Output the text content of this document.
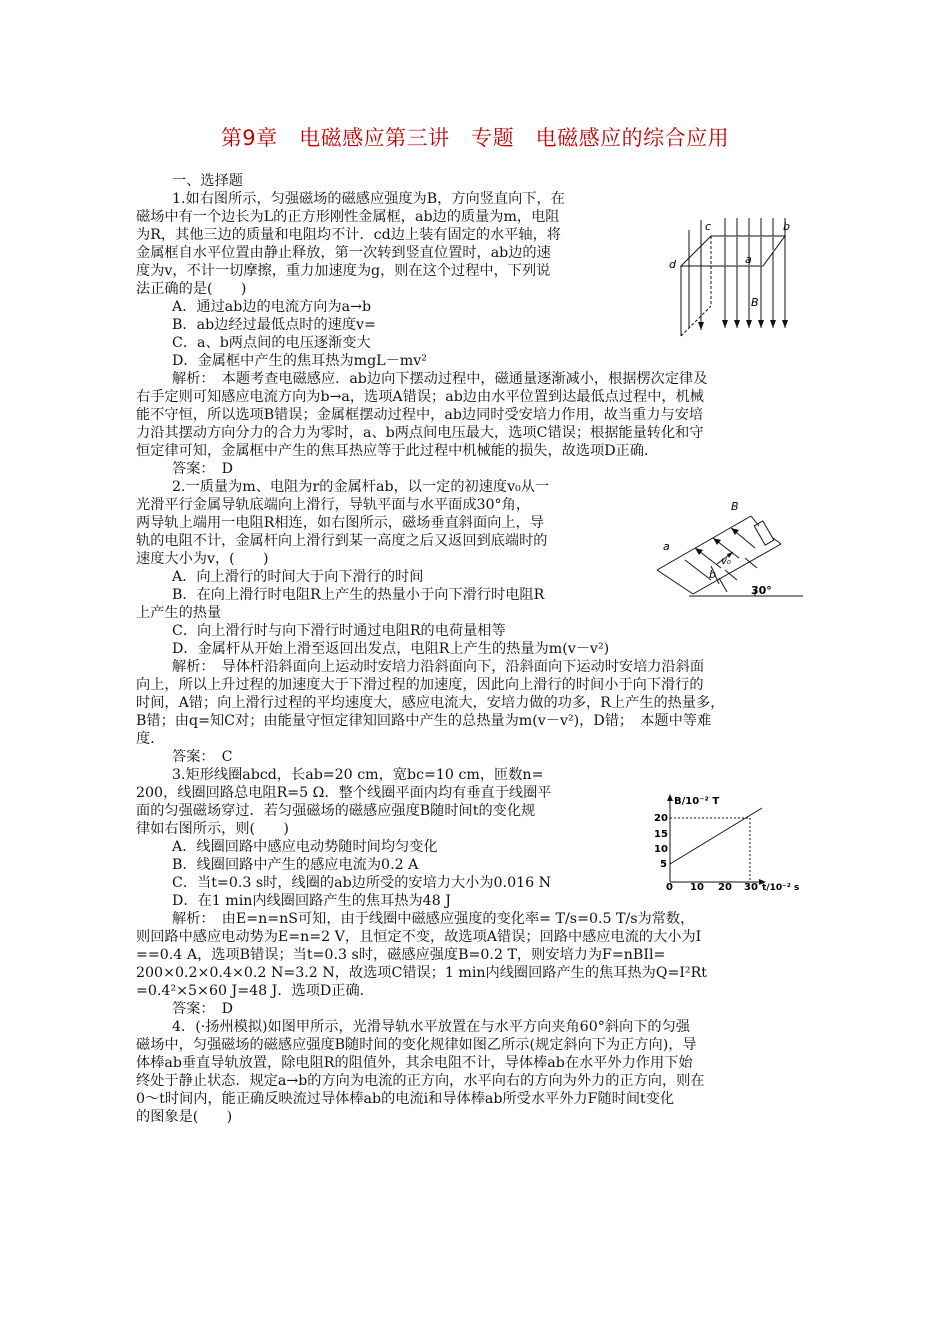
第9章　电磁感应第三讲　专题　电磁感应的综合应用
一、选择题
1.如右图所示，匀强磁场的磁感应强度为B，方向竖直向下，在
磁场中有一个边长为L的正方形刚性金属框，ab边的质量为m，电阻
为R，其他三边的质量和电阻均不计．cd边上装有固定的水平轴，将
金属框自水平位置由静止释放，第一次转到竖直位置时，ab边的速
度为v，不计一切摩擦，重力加速度为g，则在这个过程中，下列说
法正确的是(　　)
A．通过ab边的电流方向为a→b
B．ab边经过最低点时的速度v=
C．a、b两点间的电压逐渐变大
D．金属框中产生的焦耳热为mgL－mv²
解析：　本题考查电磁感应．ab边向下摆动过程中，磁通量逐渐减小，根据楞次定律及
右手定则可知感应电流方向为b→a，选项A错误；ab边由水平位置到达最低点过程中，机械
能不守恒，所以选项B错误；金属框摆动过程中，ab边同时受安培力作用，故当重力与安培
力沿其摆动方向分力的合力为零时，a、b两点间电压最大，选项C错误；根据能量转化和守
恒定律可知，金属框中产生的焦耳热应等于此过程中机械能的损失，故选项D正确．
答案：　D
2.一质量为m、电阻为r的金属杆ab，以一定的初速度v₀从一
光滑平行金属导轨底端向上滑行，导轨平面与水平面成30°角，
两导轨上端用一电阻R相连，如右图所示，磁场垂直斜面向上，导
轨的电阻不计，金属杆向上滑行到某一高度之后又返回到底端时的
速度大小为v，(　　)
A．向上滑行的时间大于向下滑行的时间
B．在向上滑行时电阻R上产生的热量小于向下滑行时电阻R
上产生的热量
C．向上滑行时与向下滑行时通过电阻R的电荷量相等
D．金属杆从开始上滑至返回出发点，电阻R上产生的热量为m(v－v²)
解析：　导体杆沿斜面向上运动时安培力沿斜面向下，沿斜面向下运动时安培力沿斜面
向上，所以上升过程的加速度大于下滑过程的加速度，因此向上滑行的时间小于向下滑行的
时间，A错；向上滑行过程的平均速度大，感应电流大，安培力做的功多，R上产生的热量多，
B错；由q=知C对；由能量守恒定律知回路中产生的总热量为m(v－v²)，D错；　本题中等难
度．
答案：　C
3.矩形线圈abcd，长ab=20 cm，宽bc=10 cm，匝数n=
200，线圈回路总电阻R=5 Ω．整个线圈平面内均有垂直于线圈平
面的匀强磁场穿过．若匀强磁场的磁感应强度B随时间t的变化规
律如右图所示，则(　　)
A．线圈回路中感应电动势随时间均匀变化
B．线圈回路中产生的感应电流为0.2 A
C．当t=0.3 s时，线圈的ab边所受的安培力大小为0.016 N
D．在1 min内线圈回路产生的焦耳热为48 J
解析：　由E=n=nS可知，由于线圈中磁感应强度的变化率= T/s=0.5 T/s为常数，
则回路中感应电动势为E=n=2 V，且恒定不变，故选项A错误；回路中感应电流的大小为I
==0.4 A，选项B错误；当t=0.3 s时，磁感应强度B=0.2 T，则安培力为F=nBIl=
200×0.2×0.4×0.2 N=3.2 N，故选项C错误；1 min内线圈回路产生的焦耳热为Q=I²Rt
=0.4²×5×60 J=48 J．选项D正确．
答案：　D
4．(·扬州模拟)如图甲所示，光滑导轨水平放置在与水平方向夹角60°斜向下的匀强
磁场中，匀强磁场的磁感应强度B随时间的变化规律如图乙所示(规定斜向下为正方向)，导
体棒ab垂直导轨放置，除电阻R的阻值外，其余电阻不计，导体棒ab在水平外力作用下始
终处于静止状态．规定a→b的方向为电流的正方向，水平向右的方向为外力的正方向，则在
0～t时间内，能正确反映流过导体棒ab的电流i和导体棒ab所受水平外力F随时间t变化
的图象是(　　)
c	b
d	a
B
B
a
b
v₀
30°
B/10⁻² T
t/10⁻² s
20
15
10
5
0 10 20 30
